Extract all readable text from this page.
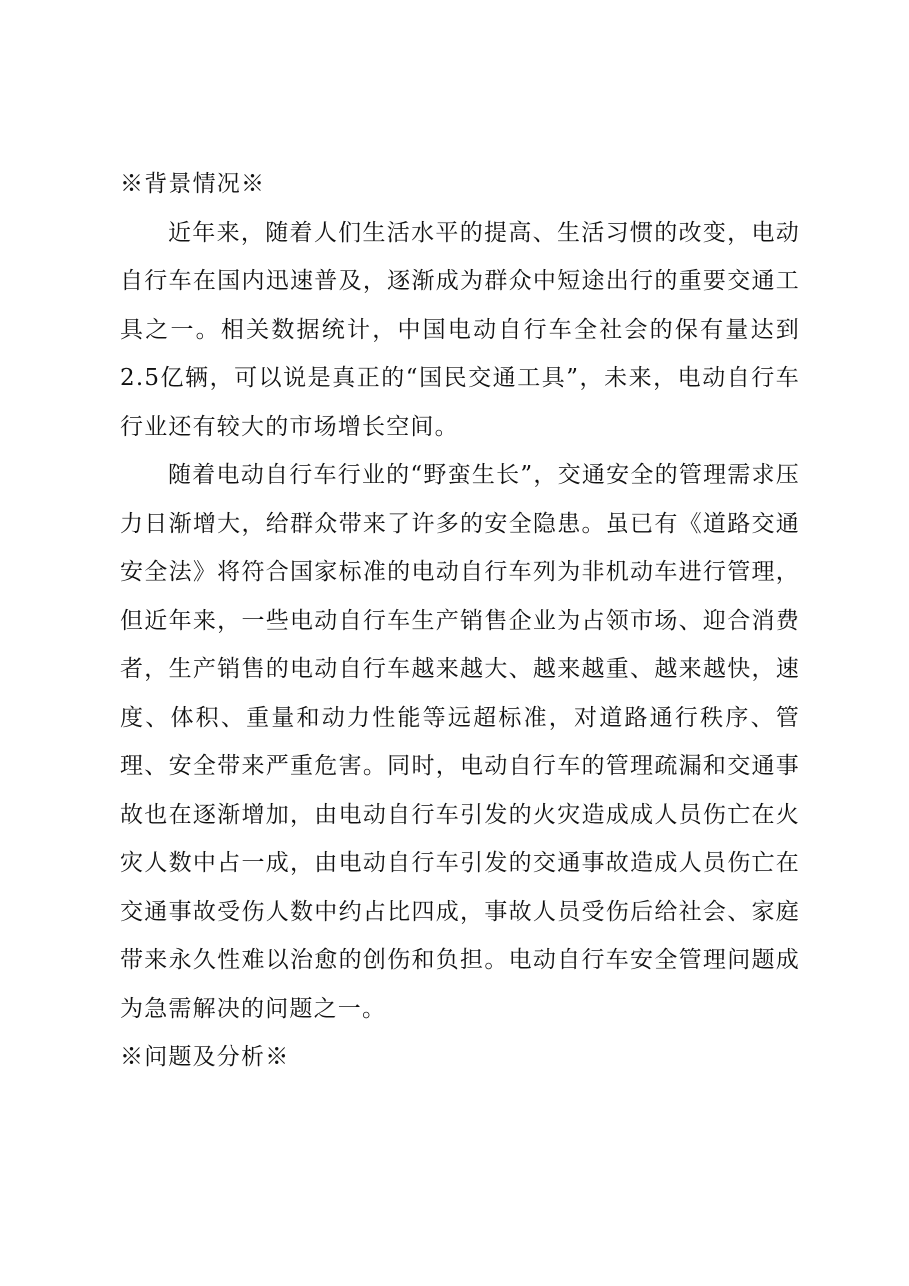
※背景情况※

近年来，随着人们生活水平的提高、生活习惯的改变，电动自行车在国内迅速普及，逐渐成为群众中短途出行的重要交通工具之一。相关数据统计，中国电动自行车全社会的保有量达到2.5亿辆，可以说是真正的“国民交通工具”，未来，电动自行车行业还有较大的市场增长空间。

随着电动自行车行业的“野蛮生长”，交通安全的管理需求压力日渐增大，给群众带来了许多的安全隐患。虽已有《道路交通安全法》将符合国家标准的电动自行车列为非机动车进行管理，但近年来，一些电动自行车生产销售企业为占领市场、迎合消费者，生产销售的电动自行车越来越大、越来越重、越来越快，速度、体积、重量和动力性能等远超标准，对道路通行秩序、管理、安全带来严重危害。同时，电动自行车的管理疏漏和交通事故也在逐渐增加，由电动自行车引发的火灾造成成人员伤亡在火灾人数中占一成，由电动自行车引发的交通事故造成人员伤亡在交通事故受伤人数中约占比四成，事故人员受伤后给社会、家庭带来永久性难以治愈的创伤和负担。电动自行车安全管理问题成为急需解决的问题之一。

※问题及分析※
